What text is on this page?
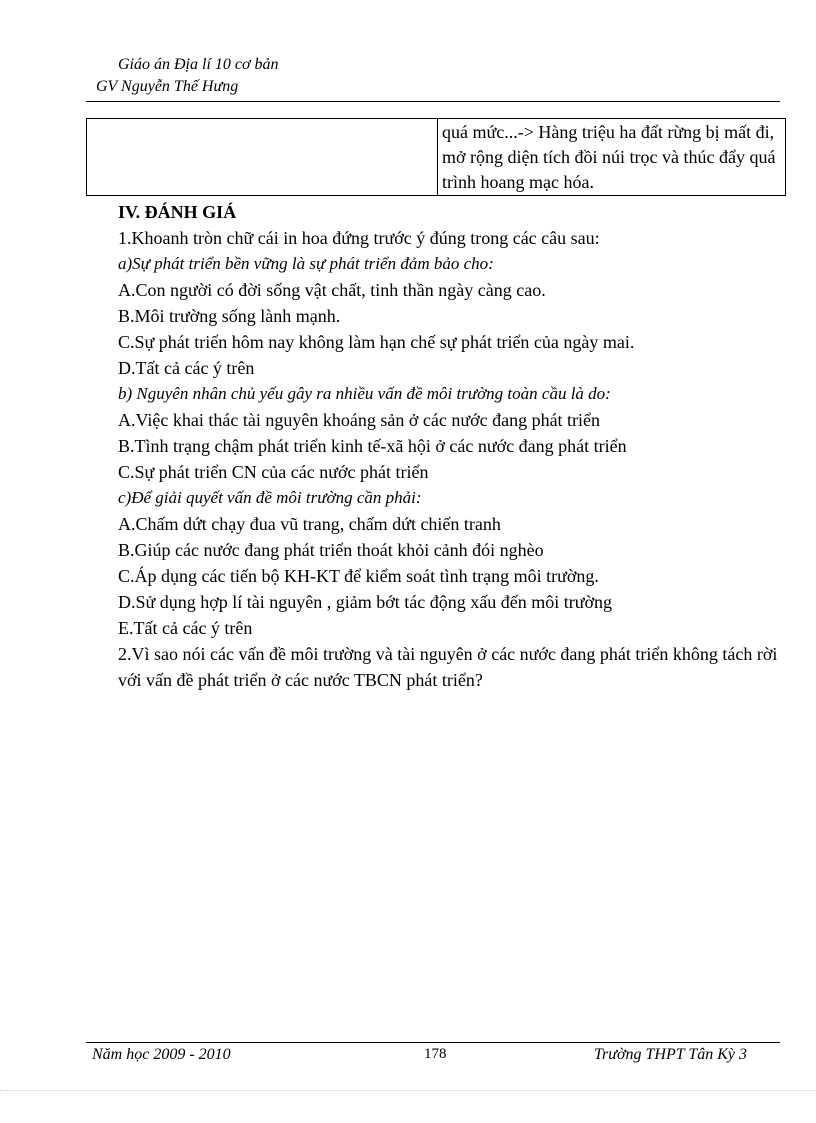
Giáo án Địa lí 10 cơ bản
GV Nguyễn Thế Hưng
quá mức...-> Hàng triệu ha đất rừng bị mất đi, mở rộng diện tích đồi núi trọc và thúc đẩy quá trình hoang mạc hóa.

IV. ĐÁNH GIÁ

1.Khoanh tròn chữ cái in hoa đứng trước ý đúng trong các câu sau:

a)Sự phát triển bền vững là sự phát triển đảm bảo cho:

A.Con người có đời sống vật chất, tinh thần ngày càng cao.

B.Môi trường sống lành mạnh.

C.Sự phát triển hôm nay không làm hạn chế sự phát triển của ngày mai.

D.Tất cả các ý trên

b) Nguyên nhân chủ yếu gây ra nhiều vấn đề môi trường toàn cầu là do:

A.Việc khai thác tài nguyên khoáng sản ở các nước đang phát triển

B.Tình trạng chậm phát triển kinh tế-xã hội ở các nước đang phát triển

C.Sự phát triển CN của các nước phát triển

c)Để giải quyết vấn đề môi trường cần phải:

A.Chấm dứt chạy đua vũ trang, chấm dứt chiến tranh

B.Giúp các nước đang phát triển thoát khỏi cảnh đói nghèo

C.Áp dụng các tiến bộ KH-KT để kiểm soát tình trạng môi trường.

D.Sử dụng hợp lí tài nguyên , giảm bớt tác động xấu đến môi trường

E.Tất cả các ý trên

2.Vì sao nói các vấn đề môi trường và tài nguyên ở các nước đang phát triển không tách rời với vấn đề phát triển ở các nước TBCN phát triển?

Năm học 2009 - 2010	178	Trường THPT Tân Kỳ 3
